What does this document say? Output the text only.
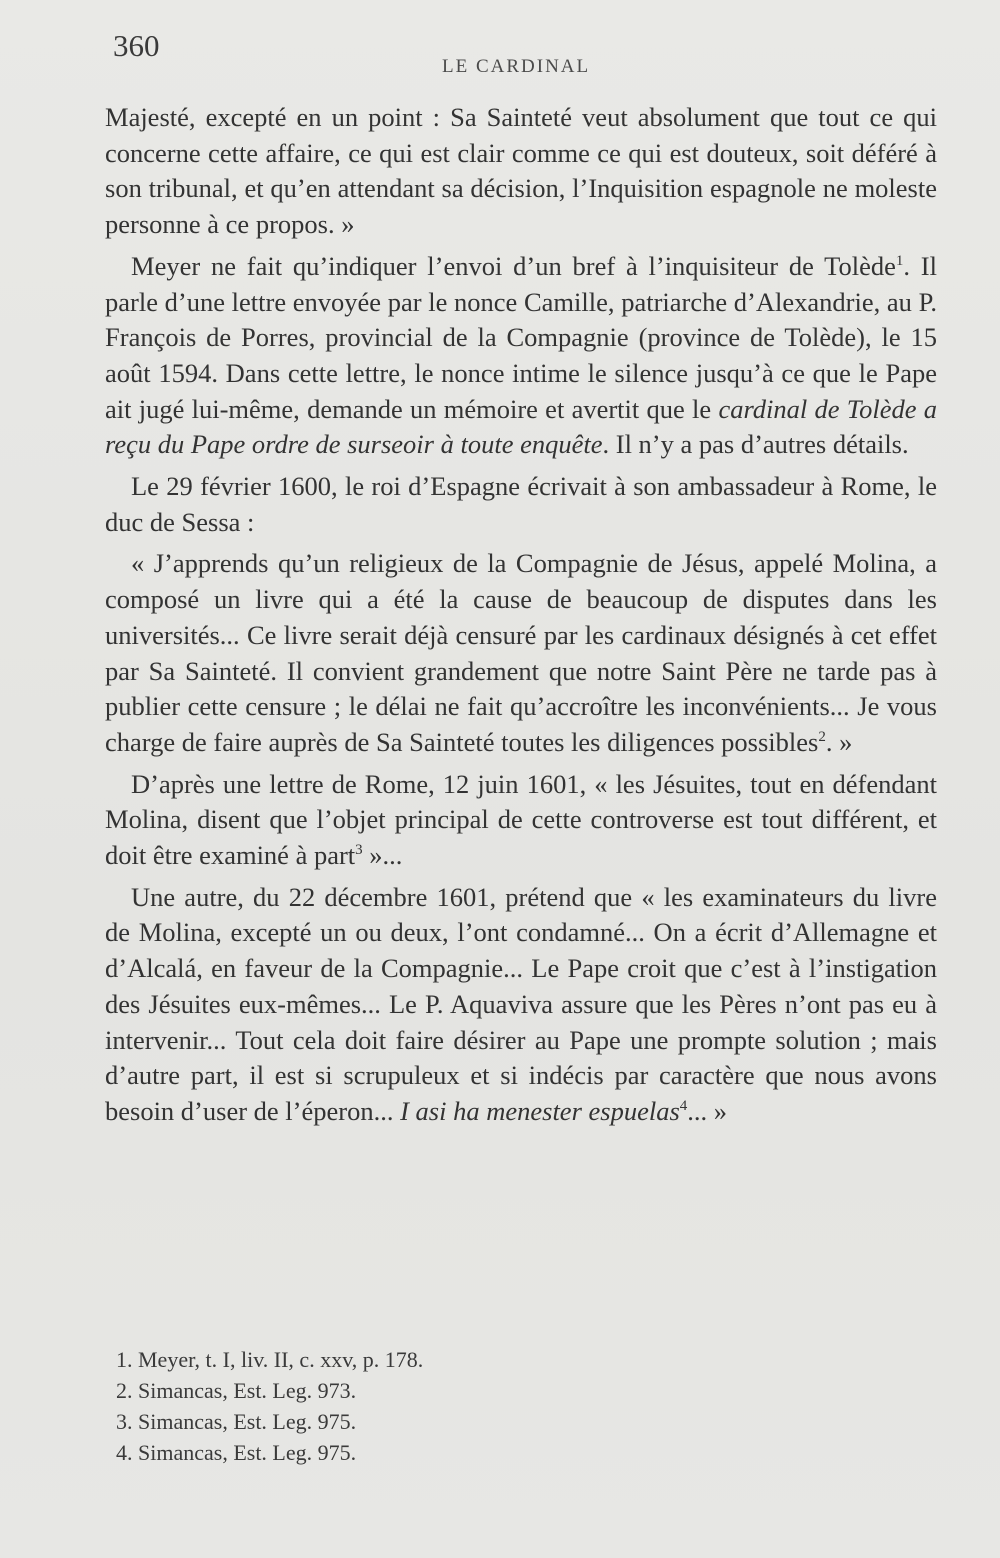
360
LE CARDINAL

Majesté, excepté en un point : Sa Sainteté veut absolument que tout ce qui concerne cette affaire, ce qui est clair comme ce qui est douteux, soit déféré à son tribunal, et qu’en attendant sa décision, l’Inquisition espagnole ne moleste personne à ce propos. »

Meyer ne fait qu’indiquer l’envoi d’un bref à l’inquisiteur de Tolède$^1$. Il parle d’une lettre envoyée par le nonce Camille, patriarche d’Alexandrie, au P. François de Porres, provincial de la Compagnie (province de Tolède), le 15 août 1594. Dans cette lettre, le nonce intime le silence jusqu’à ce que le Pape ait jugé lui-même, demande un mémoire et avertit que le cardinal de Tolède a reçu du Pape ordre de surseoir à toute enquête. Il n’y a pas d’autres détails.

Le 29 février 1600, le roi d’Espagne écrivait à son ambassadeur à Rome, le duc de Sessa :

« J’apprends qu’un religieux de la Compagnie de Jésus, appelé Molina, a composé un livre qui a été la cause de beaucoup de disputes dans les universités... Ce livre serait déjà censuré par les cardinaux désignés à cet effet par Sa Sainteté. Il convient grandement que notre Saint Père ne tarde pas à publier cette censure ; le délai ne fait qu’accroître les inconvénients... Je vous charge de faire auprès de Sa Sainteté toutes les diligences possibles$^2$. »

D’après une lettre de Rome, 12 juin 1601, « les Jésuites, tout en défendant Molina, disent que l’objet principal de cette controverse est tout différent, et doit être examiné à part$^3$ »...

Une autre, du 22 décembre 1601, prétend que « les examinateurs du livre de Molina, excepté un ou deux, l’ont condamné... On a écrit d’Allemagne et d’Alcalá, en faveur de la Compagnie... Le Pape croit que c’est à l’instigation des Jésuites eux-mêmes... Le P. Aquaviva assure que les Pères n’ont pas eu à intervenir... Tout cela doit faire désirer au Pape une prompte solution ; mais d’autre part, il est si scrupuleux et si indécis par caractère que nous avons besoin d’user de l’éperon... I asi ha menester espuelas$^4$... »

1. Meyer, t. I, liv. II, c. xxv, p. 178.

2. Simancas, Est. Leg. 973.

3. Simancas, Est. Leg. 975.

4. Simancas, Est. Leg. 975.
